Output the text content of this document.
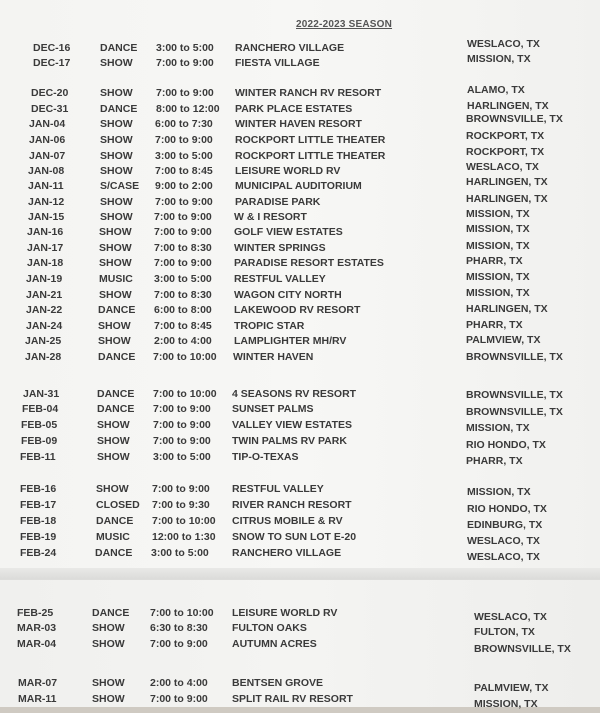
2022-2023 SEASON
DEC-16	DANCE 3:00 to 5:00 RANCHERO VILLAGE	WESLACO, TX
DEC-17	SHOW 7:00 to 9:00 FIESTA VILLAGE	MISSION, TX
DEC-20	SHOW 7:00 to 9:00 WINTER RANCH RV RESORT	ALAMO, TX
DEC-31	DANCE 8:00 to 12:00 PARK PLACE ESTATES	HARLINGEN, TX
JAN-04	SHOW 6:00 to 7:30 WINTER HAVEN RESORT	BROWNSVILLE, TX
JAN-06	SHOW 7:00 to 9:00 ROCKPORT LITTLE THEATER	ROCKPORT, TX
JAN-07	SHOW 3:00 to 5:00 ROCKPORT LITTLE THEATER	ROCKPORT, TX
JAN-08	SHOW 7:00 to 8:45 LEISURE WORLD RV	WESLACO, TX
JAN-11	S/CASE 9:00 to 2:00 MUNICIPAL AUDITORIUM	HARLINGEN, TX
JAN-12	SHOW 7:00 to 9:00 PARADISE PARK	HARLINGEN, TX
JAN-15	SHOW 7:00 to 9:00 W & I RESORT	MISSION, TX
JAN-16	SHOW 7:00 to 9:00 GOLF VIEW ESTATES	MISSION, TX
JAN-17	SHOW 7:00 to 8:30 WINTER SPRINGS	MISSION, TX
JAN-18	SHOW 7:00 to 9:00 PARADISE RESORT ESTATES	PHARR, TX
JAN-19	MUSIC 3:00 to 5:00 RESTFUL VALLEY	MISSION, TX
JAN-21	SHOW 7:00 to 8:30 WAGON CITY NORTH	MISSION, TX
JAN-22	DANCE 6:00 to 8:00 LAKEWOOD RV RESORT	HARLINGEN, TX
JAN-24	SHOW 7:00 to 8:45 TROPIC STAR	PHARR, TX
JAN-25	SHOW 2:00 to 4:00 LAMPLIGHTER MH/RV	PALMVIEW, TX
JAN-28	DANCE 7:00 to 10:00 WINTER HAVEN	BROWNSVILLE, TX
JAN-31	DANCE 7:00 to 10:00 4 SEASONS RV RESORT	BROWNSVILLE, TX
FEB-04	DANCE 7:00 to 9:00 SUNSET PALMS	BROWNSVILLE, TX
FEB-05	SHOW 7:00 to 9:00 VALLEY VIEW ESTATES	MISSION, TX
FEB-09	SHOW 7:00 to 9:00 TWIN PALMS RV PARK	RIO HONDO, TX
FEB-11	SHOW 3:00 to 5:00 TIP-O-TEXAS	PHARR, TX
FEB-16	SHOW 7:00 to 9:00 RESTFUL VALLEY	MISSION, TX
FEB-17	CLOSED 7:00 to 9:30 RIVER RANCH RESORT	RIO HONDO, TX
FEB-18	DANCE 7:00 to 10:00 CITRUS MOBILE & RV	EDINBURG, TX
FEB-19	MUSIC 12:00 to 1:30 SNOW TO SUN LOT E-20	WESLACO, TX
FEB-24	DANCE 3:00 to 5:00 RANCHERO VILLAGE	WESLACO, TX
FEB-25	DANCE 7:00 to 10:00 LEISURE WORLD RV	WESLACO, TX
MAR-03	SHOW 6:30 to 8:30 FULTON OAKS	FULTON, TX
MAR-04	SHOW 7:00 to 9:00 AUTUMN ACRES	BROWNSVILLE, TX
MAR-07	SHOW 2:00 to 4:00 BENTSEN GROVE	PALMVIEW, TX
MAR-11	SHOW 7:00 to 9:00 SPLIT RAIL RV RESORT	MISSION, TX
